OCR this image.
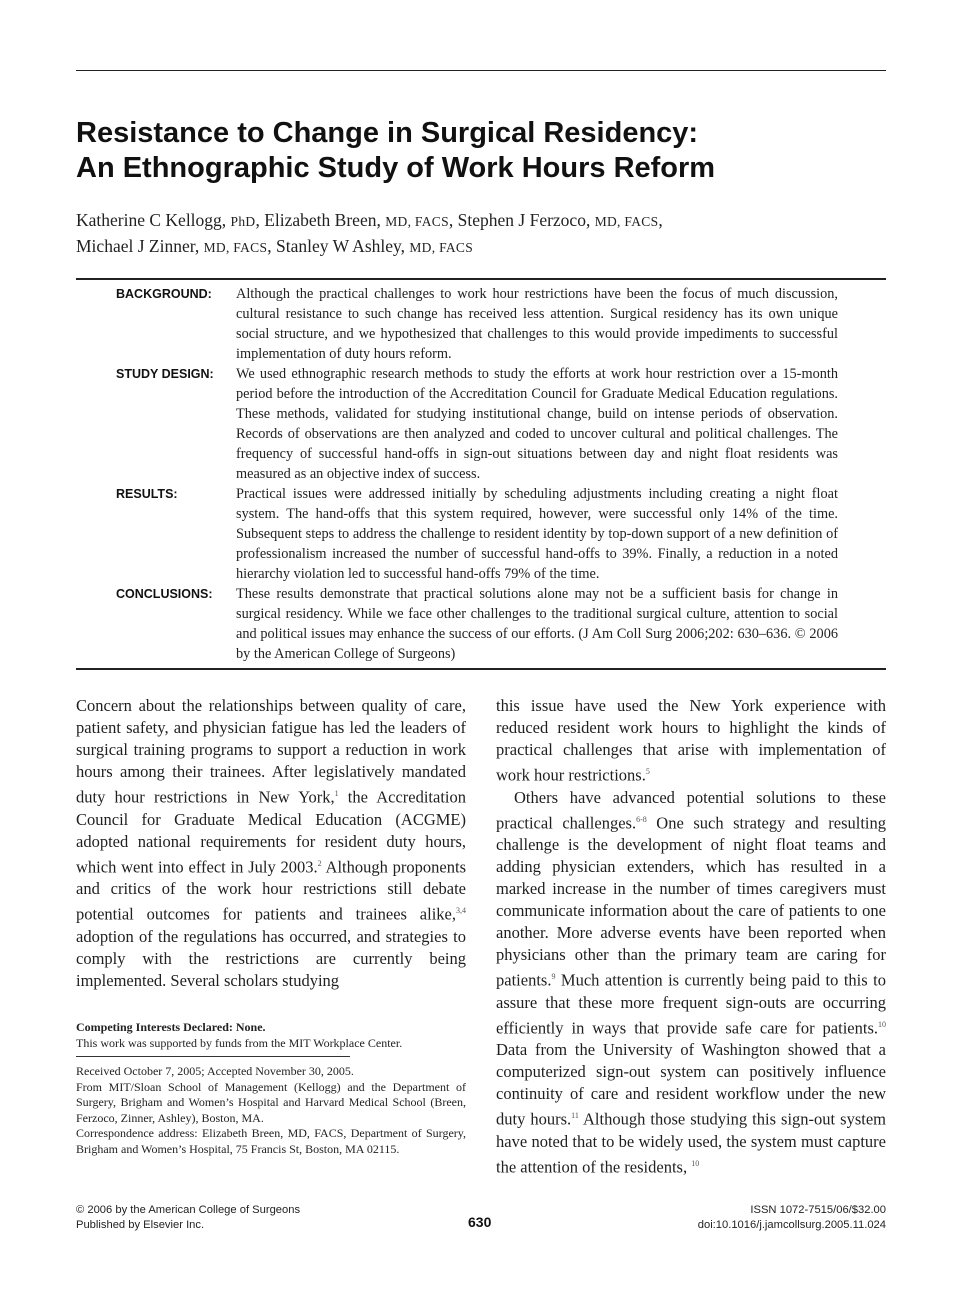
Resistance to Change in Surgical Residency:
An Ethnographic Study of Work Hours Reform
Katherine C Kellogg, PhD, Elizabeth Breen, MD, FACS, Stephen J Ferzoco, MD, FACS,
Michael J Zinner, MD, FACS, Stanley W Ashley, MD, FACS
BACKGROUND:	Although the practical challenges to work hour restrictions have been the focus of much discussion, cultural resistance to such change has received less attention. Surgical residency has its own unique social structure, and we hypothesized that challenges to this would provide impediments to successful implementation of duty hours reform.
STUDY DESIGN:	We used ethnographic research methods to study the efforts at work hour restriction over a 15-month period before the introduction of the Accreditation Council for Graduate Medical Education regulations. These methods, validated for studying institutional change, build on intense periods of observation. Records of observations are then analyzed and coded to uncover cultural and political challenges. The frequency of successful hand-offs in sign-out situations between day and night float residents was measured as an objective index of success.
RESULTS:	Practical issues were addressed initially by scheduling adjustments including creating a night float system. The hand-offs that this system required, however, were successful only 14% of the time. Subsequent steps to address the challenge to resident identity by top-down support of a new definition of professionalism increased the number of successful hand-offs to 39%. Finally, a reduction in a noted hierarchy violation led to successful hand-offs 79% of the time.
CONCLUSIONS:	These results demonstrate that practical solutions alone may not be a sufficient basis for change in surgical residency. While we face other challenges to the traditional surgical culture, attention to social and political issues may enhance the success of our efforts. (J Am Coll Surg 2006;202: 630–636. © 2006 by the American College of Surgeons)

Concern about the relationships between quality of care, patient safety, and physician fatigue has led the leaders of surgical training programs to support a reduction in work hours among their trainees. After legislatively mandated duty hour restrictions in New York,$^1$ the Accreditation Council for Graduate Medical Education (ACGME) adopted national requirements for resident duty hours, which went into effect in July 2003.$^2$ Although proponents and critics of the work hour restrictions still debate potential outcomes for patients and trainees alike,$^{3,4}$ adoption of the regulations has occurred, and strategies to comply with the restrictions are currently being implemented. Several scholars studying

Competing Interests Declared: None.

This work was supported by funds from the MIT Workplace Center.

Received October 7, 2005; Accepted November 30, 2005.

From MIT/Sloan School of Management (Kellogg) and the Department of Surgery, Brigham and Women’s Hospital and Harvard Medical School (Breen, Ferzoco, Zinner, Ashley), Boston, MA.

Correspondence address: Elizabeth Breen, MD, FACS, Department of Surgery, Brigham and Women’s Hospital, 75 Francis St, Boston, MA 02115.

this issue have used the New York experience with reduced resident work hours to highlight the kinds of practical challenges that arise with implementation of work hour restrictions.$^5$

Others have advanced potential solutions to these practical challenges.$^{6-8}$ One such strategy and resulting challenge is the development of night float teams and adding physician extenders, which has resulted in a marked increase in the number of times caregivers must communicate information about the care of patients to one another. More adverse events have been reported when physicians other than the primary team are caring for patients.$^9$ Much attention is currently being paid to this to assure that these more frequent sign-outs are occurring efficiently in ways that provide safe care for patients.$^{10}$ Data from the University of Washington showed that a computerized sign-out system can positively influence continuity of care and resident workflow under the new duty hours.$^{11}$ Although those studying this sign-out system have noted that to be widely used, the system must capture the attention of the residents, $^{10}$

© 2006 by the American College of Surgeons
Published by Elsevier Inc.	630
ISSN 1072-7515/06/$32.00
doi:10.1016/j.jamcollsurg.2005.11.024
